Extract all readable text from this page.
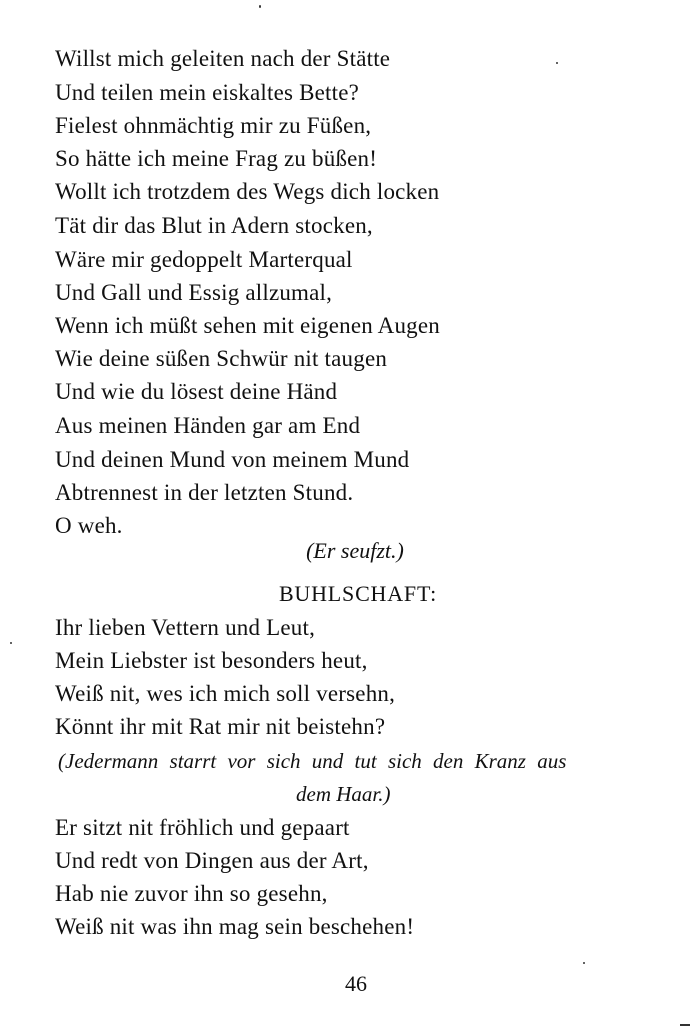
Willst mich geleiten nach der Stätte
Und teilen mein eiskaltes Bette?
Fielest ohnmächtig mir zu Füßen,
So hätte ich meine Frag zu büßen!
Wollt ich trotzdem des Wegs dich locken
Tät dir das Blut in Adern stocken,
Wäre mir gedoppelt Marterqual
Und Gall und Essig allzumal,
Wenn ich müßt sehen mit eigenen Augen
Wie deine süßen Schwür nit taugen
Und wie du lösest deine Händ
Aus meinen Händen gar am End
Und deinen Mund von meinem Mund
Abtrennest in der letzten Stund.
O weh.
(Er seufzt.)
BUHLSCHAFT:
Ihr lieben Vettern und Leut,
Mein Liebster ist besonders heut,
Weiß nit, wes ich mich soll versehn,
Könnt ihr mit Rat mir nit beistehn?
(Jedermann starrt vor sich und tut sich den Kranz aus
dem Haar.)
Er sitzt nit fröhlich und gepaart
Und redt von Dingen aus der Art,
Hab nie zuvor ihn so gesehn,
Weiß nit was ihn mag sein beschehen!
46
